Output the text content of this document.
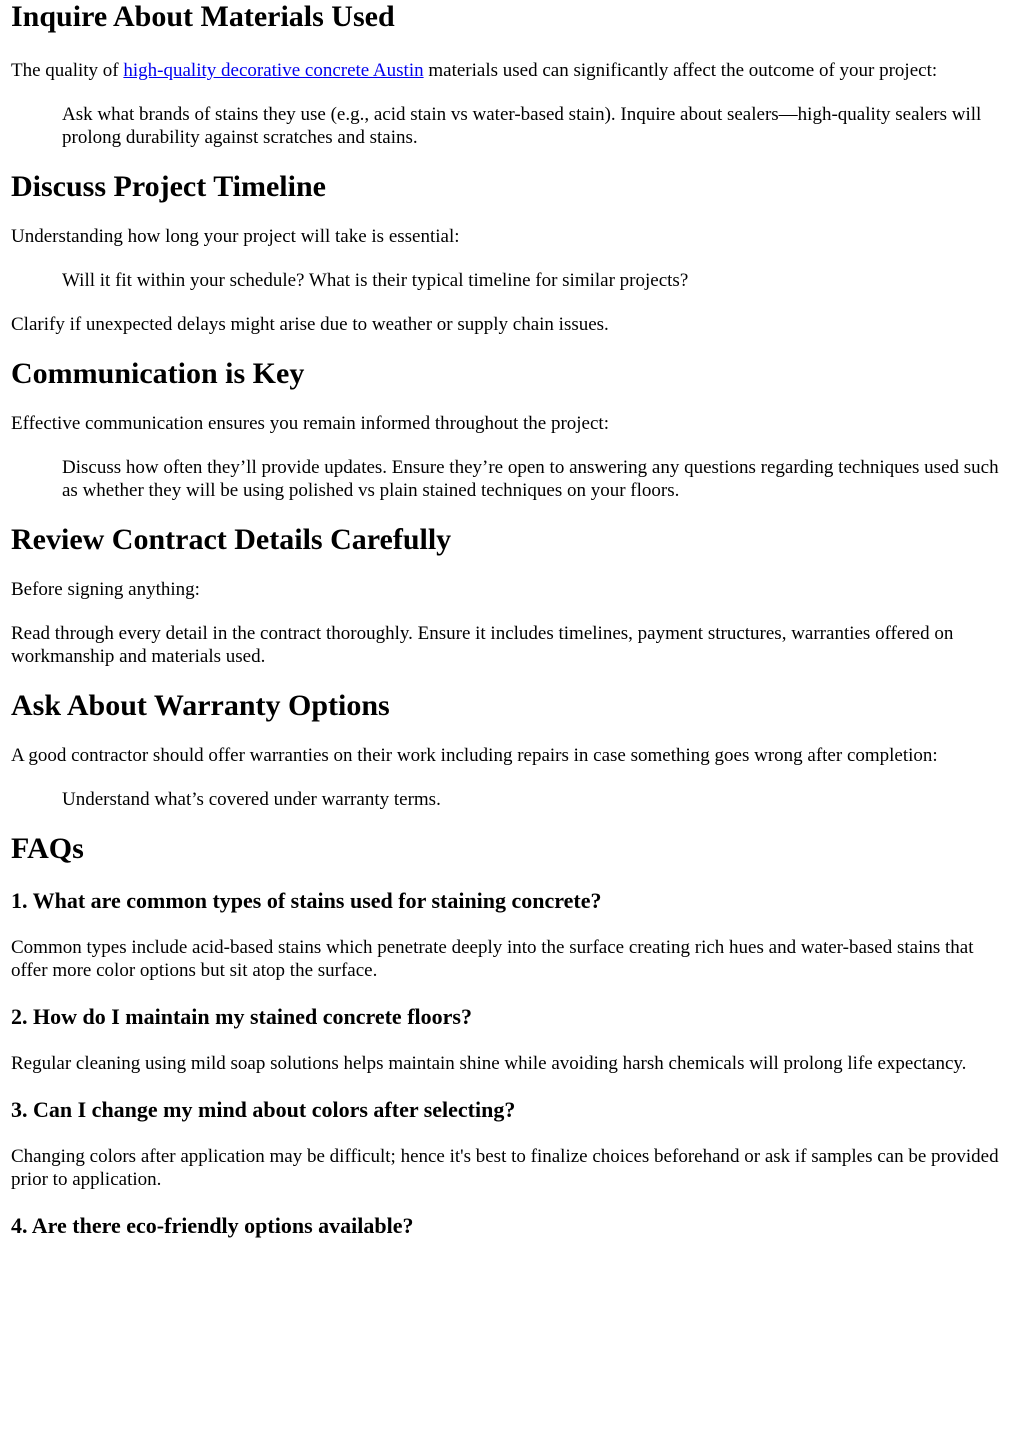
Inquire About Materials Used

The quality of high-quality decorative concrete Austin materials used can significantly affect the outcome of your project:

Ask what brands of stains they use (e.g., acid stain vs water-based stain). Inquire about sealers—high-quality sealers will prolong durability against scratches and stains.
Discuss Project Timeline

Understanding how long your project will take is essential:

Will it fit within your schedule? What is their typical timeline for similar projects?

Clarify if unexpected delays might arise due to weather or supply chain issues.

Communication is Key

Effective communication ensures you remain informed throughout the project:

Discuss how often they’ll provide updates. Ensure they’re open to answering any questions regarding techniques used such as whether they will be using polished vs plain stained techniques on your floors.
Review Contract Details Carefully

Before signing anything:

Read through every detail in the contract thoroughly. Ensure it includes timelines, payment structures, warranties offered on workmanship and materials used.

Ask About Warranty Options

A good contractor should offer warranties on their work including repairs in case something goes wrong after completion:

Understand what’s covered under warranty terms.
FAQs
1. What are common types of stains used for staining concrete?

Common types include acid-based stains which penetrate deeply into the surface creating rich hues and water-based stains that offer more color options but sit atop the surface.

2. How do I maintain my stained concrete floors?

Regular cleaning using mild soap solutions helps maintain shine while avoiding harsh chemicals will prolong life expectancy.

3. Can I change my mind about colors after selecting?

Changing colors after application may be difficult; hence it's best to finalize choices beforehand or ask if samples can be provided prior to application.

4. Are there eco-friendly options available?
